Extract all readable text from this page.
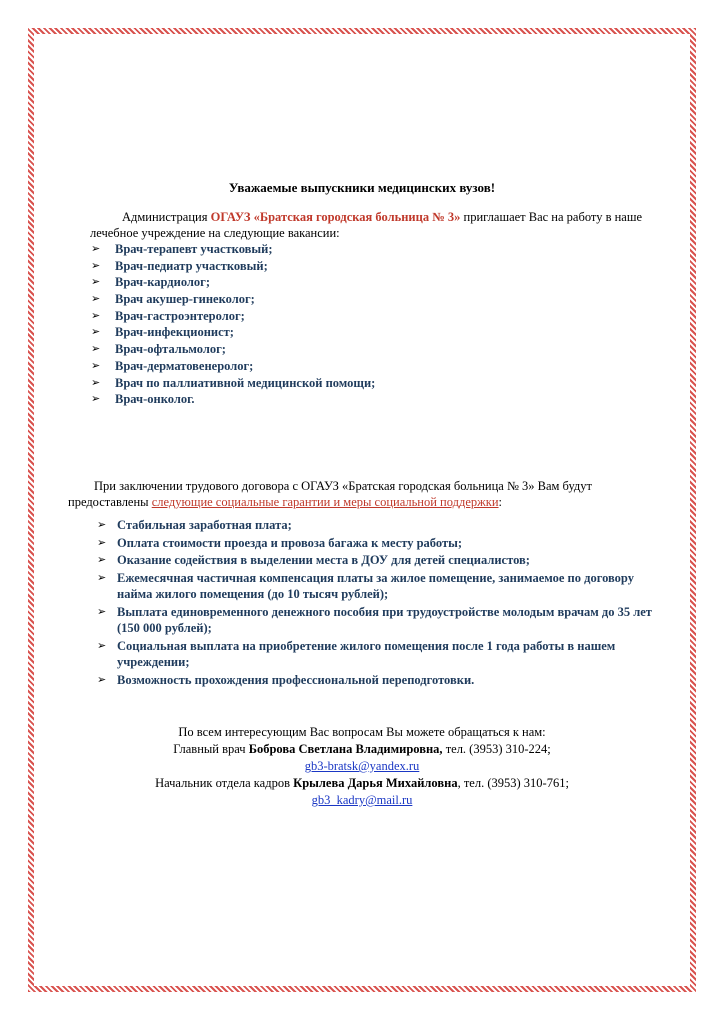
Уважаемые выпускники медицинских вузов!
Администрация ОГАУЗ «Братская городская больница № 3» приглашает Вас на работу в наше лечебное учреждение на следующие вакансии:
➢ Врач-терапевт участковый;
➢ Врач-педиатр участковый;
➢ Врач-кардиолог;
➢ Врач акушер-гинеколог;
➢ Врач-гастроэнтеролог;
➢ Врач-инфекционист;
➢ Врач-офтальмолог;
➢ Врач-дерматовенеролог;
➢ Врач по паллиативной медицинской помощи;
➢ Врач-онколог.
При заключении трудового договора с ОГАУЗ «Братская городская больница № 3» Вам будут предоставлены следующие социальные гарантии и меры социальной поддержки:
➢ Стабильная заработная плата;
➢ Оплата стоимости проезда и провоза багажа к месту работы;
➢ Оказание содействия в выделении места в ДОУ для детей специалистов;
➢ Ежемесячная частичная компенсация платы за жилое помещение, занимаемое по договору найма жилого помещения (до 10 тысяч рублей);
➢ Выплата единовременного денежного пособия при трудоустройстве молодым врачам до 35 лет (150 000 рублей);
➢ Социальная выплата на приобретение жилого помещения после 1 года работы в нашем учреждении;
➢ Возможность прохождения профессиональной переподготовки.
По всем интересующим Вас вопросам Вы можете обращаться к нам:
Главный врач Боброва Светлана Владимировна, тел. (3953) 310-224;
gb3-bratsk@yandex.ru
Начальник отдела кадров Крылева Дарья Михайловна, тел. (3953) 310-761;
gb3_kadry@mail.ru
